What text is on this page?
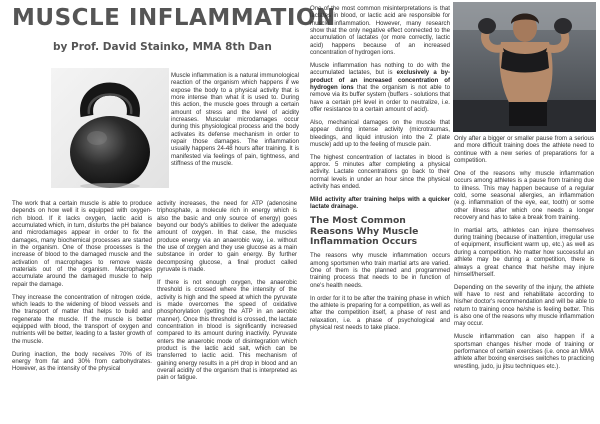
MUSCLE INFLAMMATION
by Prof. David Stainko, MMA 8th Dan

Muscle inflammation is a natural immunological reaction of the organism which happens if we expose the body to a physical activity that is more intense than what it is used to. During this action, the muscle goes through a certain amount of stress and the level of acidity increases. Muscular microdamages occur during this physiological process and the body activates its defense mechanism in order to repair those damages. The inflammation usually happens 24-48 hours after training. It is manifested via feelings of pain, tightness, and stiffness of the muscle.

The work that a certain muscle is able to produce depends on how well it is equipped with oxygen-rich blood. If it lacks oxygen, lactic acid is accumulated which, in turn, disturbs the pH balance and microdamages appear in order to fix the damages, many biochemical processes are started in the organism. One of those processes is the increase of blood to the damaged muscle and the activation of macrophages to remove waste materials out of the organism. Macrophages accumulate around the damaged muscle to help repair the damage.

They increase the concentration of nitrogen oxide, which leads to the widening of blood vessels and the transport of matter that helps to build and regenerate the muscle. If the muscle is better equipped with blood, the transport of oxygen and nutrients will be better, leading to a faster growth of the muscle.

During inaction, the body receives 70% of its energy from fat and 30% from carbohydrates. However, as the intensity of the physical

activity increases, the need for ATP (adenosine triphosphate, a molecule rich in energy which is also the basic and only source of energy) goes beyond our body's abilities to deliver the adequate amount of oxygen. In that case, the muscles produce energy via an anaerobic way, i.e. without the use of oxygen and they use glucose as a main substance in order to gain energy. By further decomposing glucose, a final product called pyruvate is made.

If there is not enough oxygen, the anaerobic threshold is crossed where the intensity of the activity is high and the speed at which the pyruvate is made overcomes the speed of oxidative phosphorylation (getting the ATP in an aerobic manner). Once this threshold is crossed, the lactate concentration in blood is significantly increased compared to its amount during inactivity. Pyruvate enters the anaerobic mode of disintegration which product is the lactic acid salt, which can be transferred to lactic acid. This mechanism of gaining energy results in a pH drop in blood and an overall acidity of the organism that is interpreted as pain or fatigue.

One of the most common misinterpretations is that lactates in blood, or lactic acid are responsible for muscle inflammation. However, many research show that the only negative effect connected to the accumulation of lactates (or more correctly, lactic acid) happens because of an increased concentration of hydrogen ions.

Muscle inflammation has nothing to do with the accumulated lactates, but is exclusively a by-product of an increased concentration of hydrogen ions that the organism is not able to remove via its buffer system (buffers - solutions that have a certain pH level in order to neutralize, i.e. offer resistance to a certain amount of acid).

Also, mechanical damages on the muscle that appear during intense activity (microtraumas, bleedings, and liquid intrusion into the Z plate muscle) add up to the feeling of muscle pain.

The highest concentration of lactates in blood is approx. 5 minutes after completing a physical activity. Lactate concentrations go back to their normal levels in under an hour since the physical activity has ended.

Mild activity after training helps with a quicker lactate drainage.

The Most Common Reasons Why Muscle Inflammation Occurs

The reasons why muscle inflammation occurs among sportsmen who train martial arts are varied. One of them is the planned and programmed training process that needs to be in function of one's health needs.

In order for it to be after the training phase in which the athlete is preparing for a competition, as well as after the competition itself, a phase of rest and relaxation, i.e. a phase of psychological and physical rest needs to take place.

Only after a bigger or smaller pause from a serious and more difficult training does the athlete need to continue with a new series of preparations for a competition.

One of the reasons why muscle inflammation occurs among athletes is a pause from training due to illness. This may happen because of a regular cold, some seasonal allergies, an inflammation (e.g. inflammation of the eye, ear, tooth) or some other illness after which one needs a longer recovery and has to take a break from training.

In martial arts, athletes can injure themselves during training (because of inattention, irregular use of equipment, insufficient warm up, etc.) as well as during a competition. No matter how successful an athlete may be during a competition, there is always a great chance that he/she may injure himself/herself.

Depending on the severity of the injury, the athlete will have to rest and rehabilitate according to his/her doctor's recommendation and will be able to return to training once he/she is feeling better. This is also one of the reasons why muscle inflammation may occur.

Muscle inflammation can also happen if a sportsman changes his/her mode of training or performance of certain exercises (i.e. once an MMA athlete after boxing exercises switches to practicing wrestling, judo, ju jitsu techniques etc.).
